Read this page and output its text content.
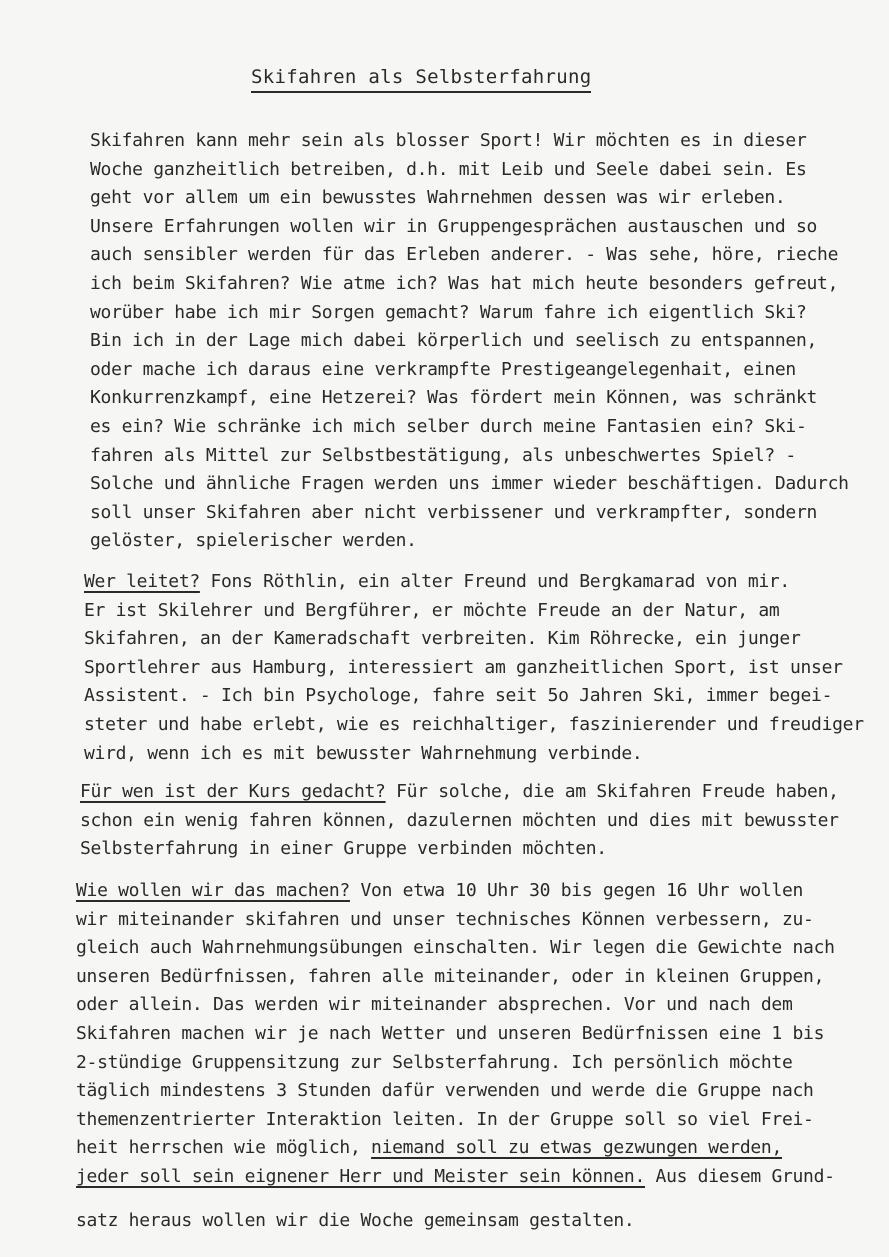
Skifahren als Selbsterfahrung
Skifahren kann mehr sein als blosser Sport! Wir möchten es in dieser
Woche ganzheitlich betreiben, d.h. mit Leib und Seele dabei sein. Es
geht vor allem um ein bewusstes Wahrnehmen dessen was wir erleben.
Unsere Erfahrungen wollen wir in Gruppengesprächen austauschen und so
auch sensibler werden für das Erleben anderer. - Was sehe, höre, rieche
ich beim Skifahren? Wie atme ich? Was hat mich heute besonders gefreut,
worüber habe ich mir Sorgen gemacht? Warum fahre ich eigentlich Ski?
Bin ich in der Lage mich dabei körperlich und seelisch zu entspannen,
oder mache ich daraus eine verkrampfte Prestigeangelegenhait, einen
Konkurrenzkampf, eine Hetzerei? Was fördert mein Können, was schränkt
es ein? Wie schränke ich mich selber durch meine Fantasien ein? Ski-
fahren als Mittel zur Selbstbestätigung, als unbeschwertes Spiel? -
Solche und ähnliche Fragen werden uns immer wieder beschäftigen. Dadurch
soll unser Skifahren aber nicht verbissener und verkrampfter, sondern
gelöster, spielerischer werden.
Wer leitet? Fons Röthlin, ein alter Freund und Bergkamarad von mir.
Er ist Skilehrer und Bergführer, er möchte Freude an der Natur, am
Skifahren, an der Kameradschaft verbreiten. Kim Röhrecke, ein junger
Sportlehrer aus Hamburg, interessiert am ganzheitlichen Sport, ist unser
Assistent. - Ich bin Psychologe, fahre seit 5o Jahren Ski, immer begei-
steter und habe erlebt, wie es reichhaltiger, faszinierender und freudiger
wird, wenn ich es mit bewusster Wahrnehmung verbinde.
Für wen ist der Kurs gedacht? Für solche, die am Skifahren Freude haben,
schon ein wenig fahren können, dazulernen möchten und dies mit bewusster
Selbsterfahrung in einer Gruppe verbinden möchten.
Wie wollen wir das machen? Von etwa 10 Uhr 30 bis gegen 16 Uhr wollen
wir miteinander skifahren und unser technisches Können verbessern, zu-
gleich auch Wahrnehmungsübungen einschalten. Wir legen die Gewichte nach
unseren Bedürfnissen, fahren alle miteinander, oder in kleinen Gruppen,
oder allein. Das werden wir miteinander absprechen. Vor und nach dem
Skifahren machen wir je nach Wetter und unseren Bedürfnissen eine 1 bis
2-stündige Gruppensitzung zur Selbsterfahrung. Ich persönlich möchte
täglich mindestens 3 Stunden dafür verwenden und werde die Gruppe nach
themenzentrierter Interaktion leiten. In der Gruppe soll so viel Frei-
heit herrschen wie möglich, niemand soll zu etwas gezwungen werden,
jeder soll sein eignener Herr und Meister sein können. Aus diesem Grund-
satz heraus wollen wir die Woche gemeinsam gestalten.
